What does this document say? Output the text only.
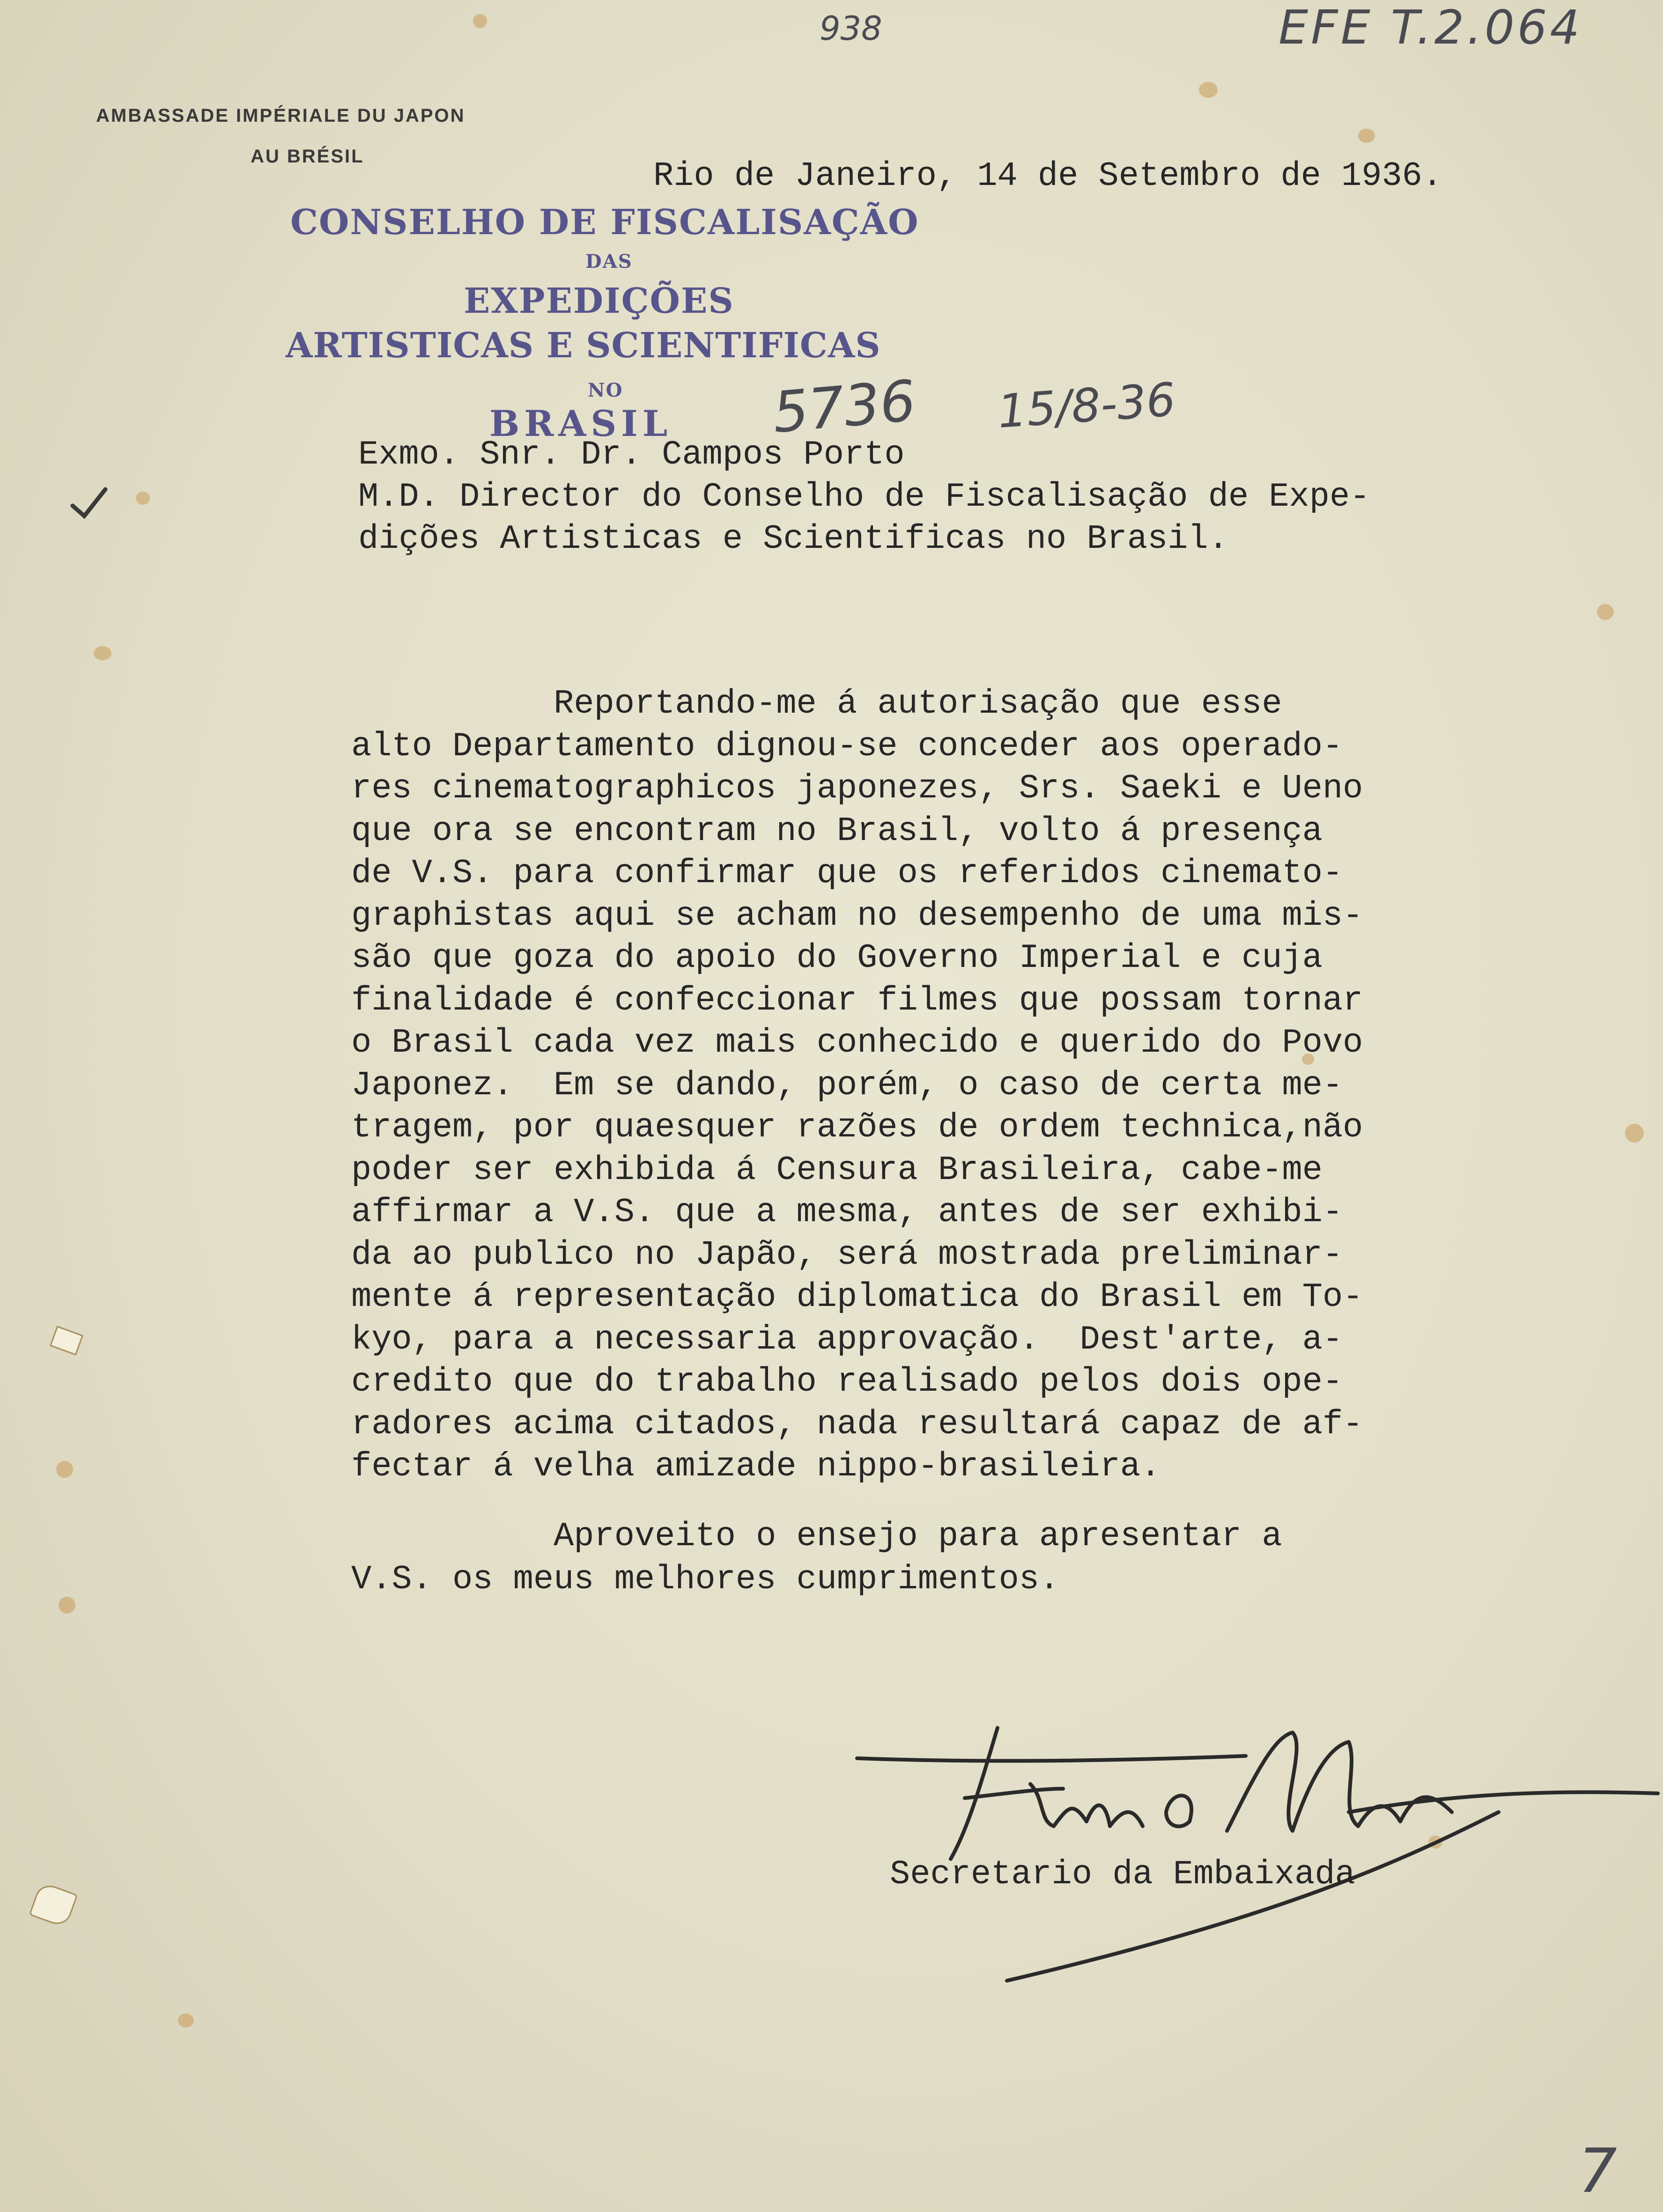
938	EFE T.2.064
7
AMBASSADE IMPÉRIALE DU JAPON
AU BRÉSIL
Rio de Janeiro, 14 de Setembro de 1936.
CONSELHO DE FISCALISAÇÃO
DAS
EXPEDIÇÕES
ARTISTICAS E SCIENTIFICAS
NO
BRASIL 5736 15/8-36
Exmo. Snr. Dr. Campos Porto
M.D. Director do Conselho de Fiscalisação de Expe-
dições Artisticas e Scientificas no Brasil.
Reportando-me á autorisação que esse
alto Departamento dignou-se conceder aos operado-
res cinematographicos japonezes, Srs. Saeki e Ueno
que ora se encontram no Brasil, volto á presença
de V.S. para confirmar que os referidos cinemato-
graphistas aqui se acham no desempenho de uma mis-
são que goza do apoio do Governo Imperial e cuja
finalidade é confeccionar filmes que possam tornar
o Brasil cada vez mais conhecido e querido do Povo
Japonez.  Em se dando, porém, o caso de certa me-
tragem, por quaesquer razões de ordem technica,não
poder ser exhibida á Censura Brasileira, cabe-me
affirmar a V.S. que a mesma, antes de ser exhibi-
da ao publico no Japão, será mostrada preliminar-
mente á representação diplomatica do Brasil em To-
kyo, para a necessaria approvação.  Dest'arte, a-
credito que do trabalho realisado pelos dois ope-
radores acima citados, nada resultará capaz de af-
fectar á velha amizade nippo-brasileira.
Aproveito o ensejo para apresentar a
V.S. os meus melhores cumprimentos.
Secretario da Embaixada
